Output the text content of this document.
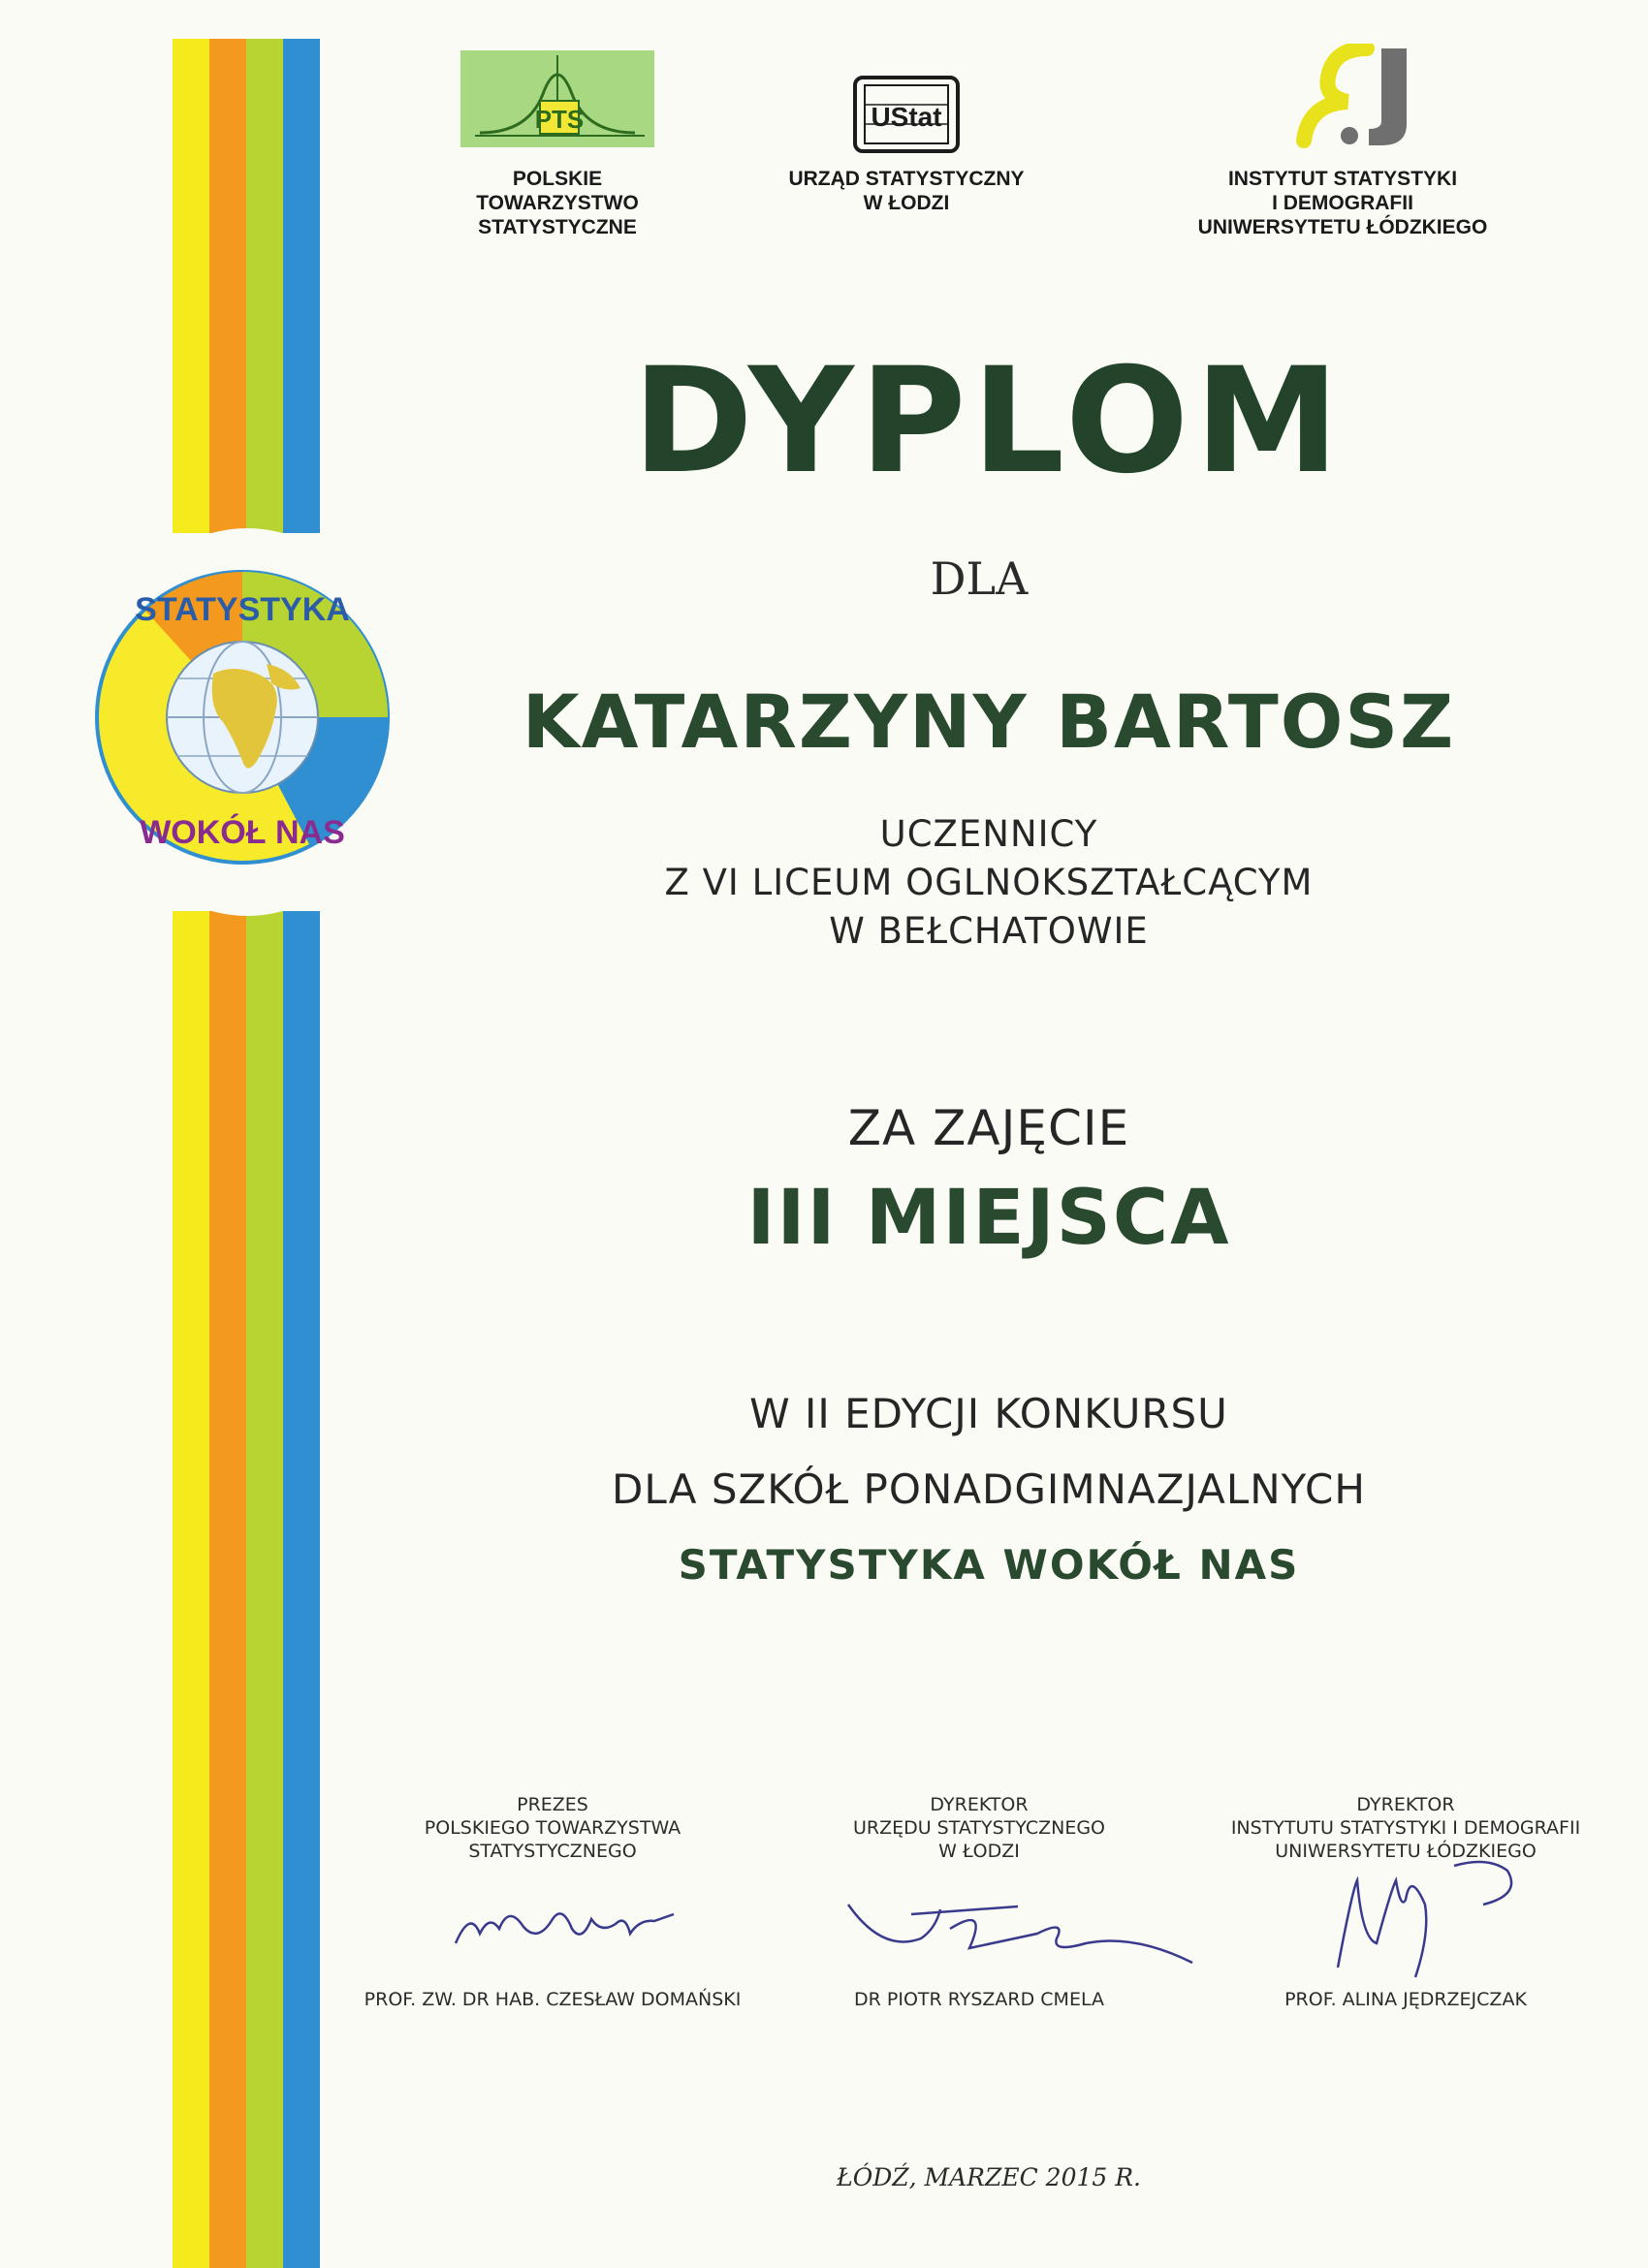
STATYSTYKA
WOKÓŁ NAS
PTS
POLSKIE
TOWARZYSTWO
STATYSTYCZNE
UStat
URZĄD STATYSTYCZNY
W ŁODZI
INSTYTUT STATYSTYKI
I DEMOGRAFII
UNIWERSYTETU ŁÓDZKIEGO
DYPLOM
DLA
KATARZYNY BARTOSZ
UCZENNICY
Z VI LICEUM OGLNOKSZTAŁCĄCYM
W BEŁCHATOWIE
ZA ZAJĘCIE
III MIEJSCA
W II EDYCJI KONKURSU
DLA SZKÓŁ PONADGIMNAZJALNYCH
STATYSTYKA WOKÓŁ NAS
PREZES
POLSKIEGO TOWARZYSTWA
STATYSTYCZNEGO
PROF. ZW. DR HAB. CZESŁAW DOMAŃSKI
DYREKTOR
URZĘDU STATYSTYCZNEGO
W ŁODZI
DR PIOTR RYSZARD CMELA
DYREKTOR
INSTYTUTU STATYSTYKI I DEMOGRAFII
UNIWERSYTETU ŁÓDZKIEGO
PROF. ALINA JĘDRZEJCZAK
ŁÓDŹ, MARZEC 2015 R.
